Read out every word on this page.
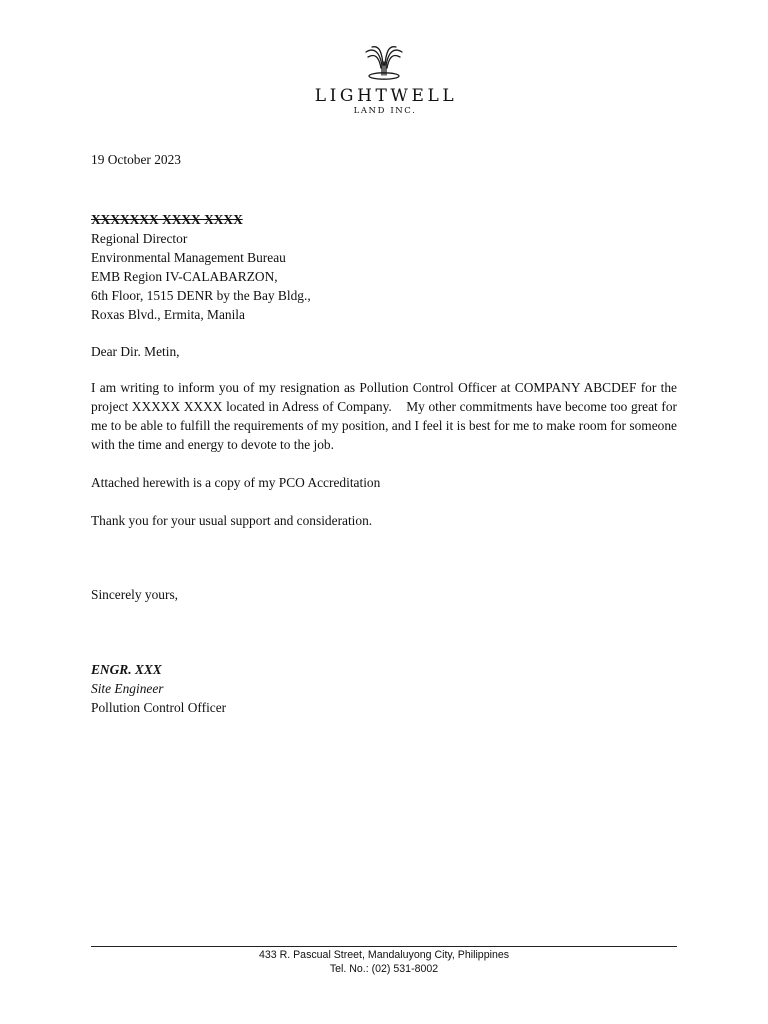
LIGHTWELL
LAND INC.
19 October 2023
XXXXXXX XXXX XXXX
Regional Director
Environmental Management Bureau
EMB Region IV-CALABARZON,
6th Floor, 1515 DENR by the Bay Bldg.,
Roxas Blvd., Ermita, Manila
Dear Dir. Metin,

I am writing to inform you of my resignation as Pollution Control Officer at COMPANY ABCDEF for the project XXXXX XXXX located in Adress of Company.    My other commitments have become too great for me to be able to fulfill the requirements of my position, and I feel it is best for me to make room for someone with the time and energy to devote to the job.

Attached herewith is a copy of my PCO Accreditation
Thank you for your usual support and consideration.
Sincerely yours,
ENGR. XXX
Site Engineer
Pollution Control Officer
433 R. Pascual Street, Mandaluyong City, Philippines
Tel. No.: (02) 531-8002
